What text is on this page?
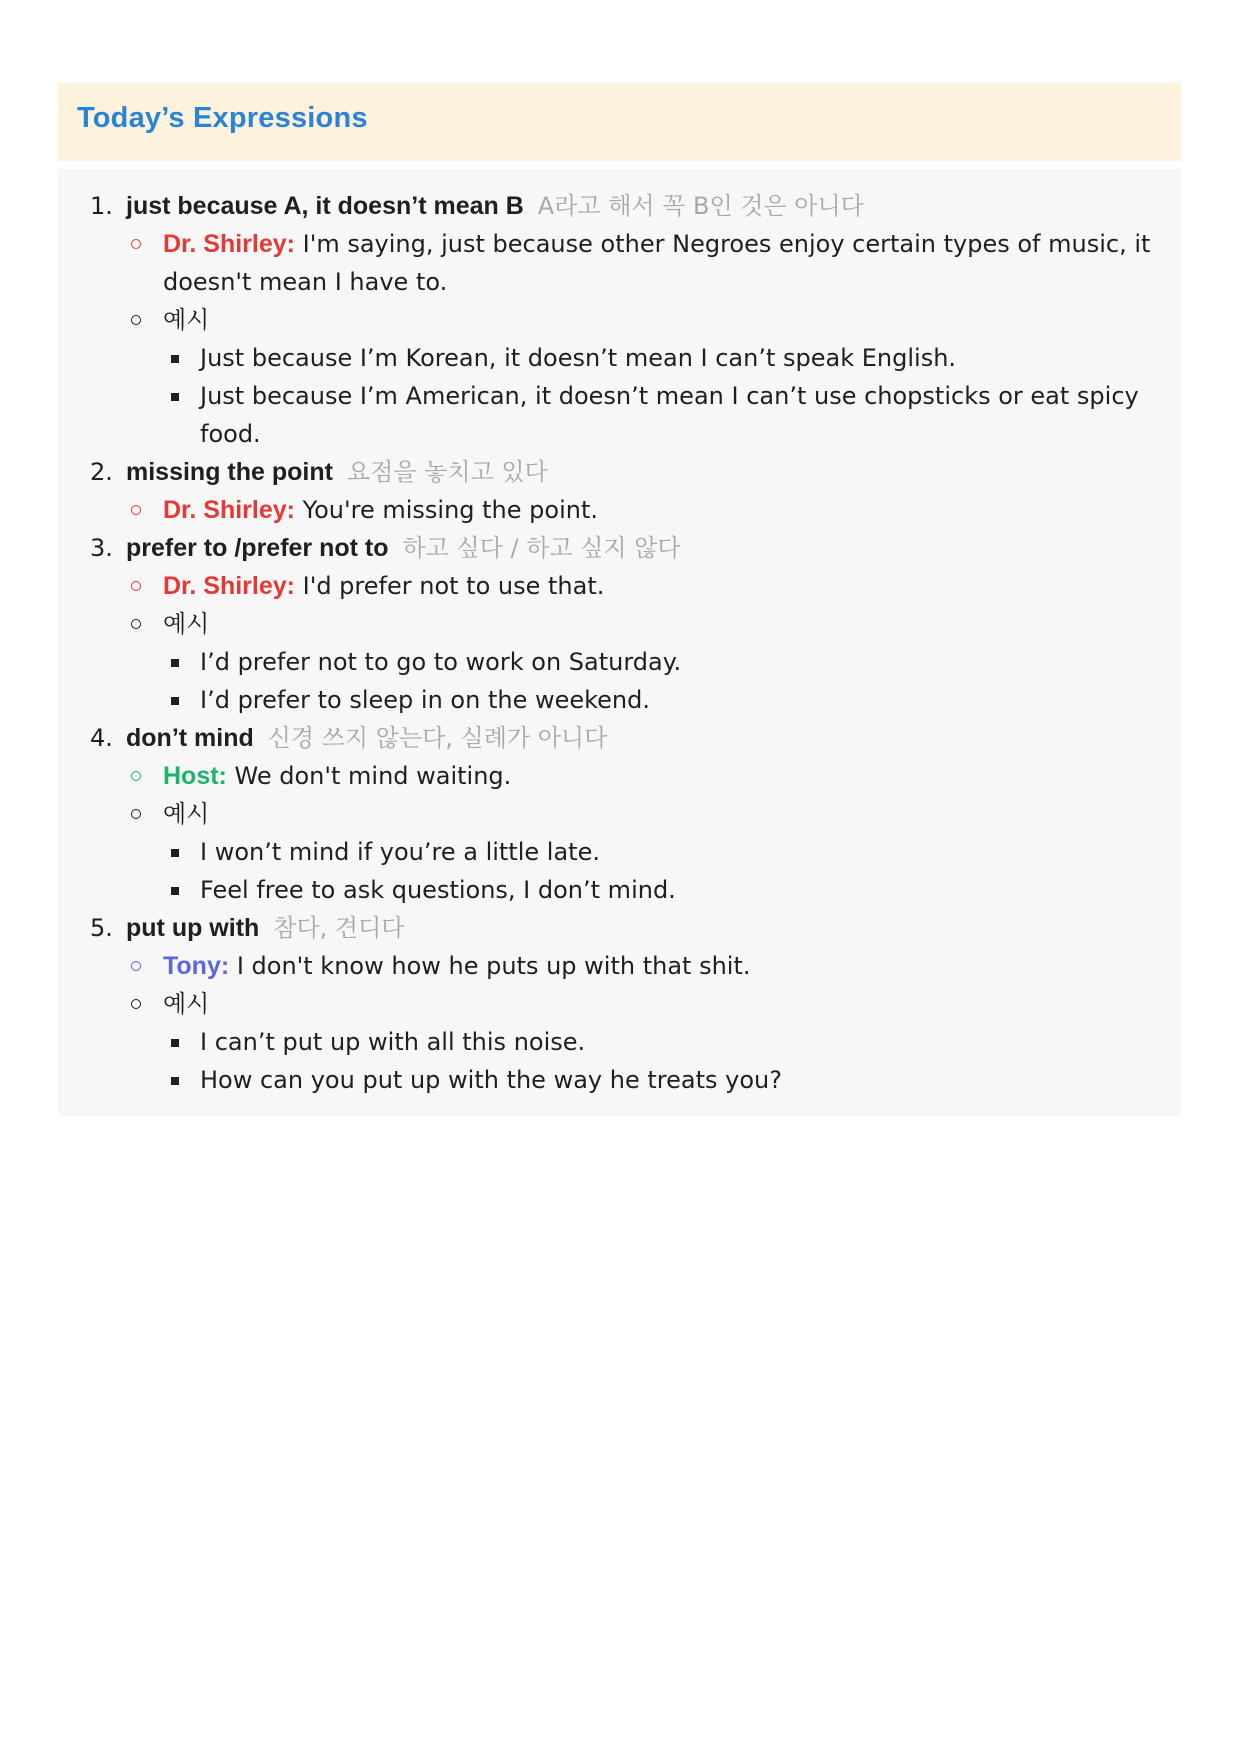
Today’s Expressions
1. just because A, it doesn’t mean B A라고 해서 꼭 B인 것은 아니다
Dr. Shirley: I'm saying, just because other Negroes enjoy certain types of music, it doesn't mean I have to.
예시
Just because I’m Korean, it doesn’t mean I can’t speak English.
Just because I’m American, it doesn’t mean I can’t use chopsticks or eat spicy food.
2. missing the point 요점을 놓치고 있다
Dr. Shirley: You're missing the point.
3. prefer to /prefer not to 하고 싶다 / 하고 싶지 않다
Dr. Shirley: I'd prefer not to use that.
예시
I’d prefer not to go to work on Saturday.
I’d prefer to sleep in on the weekend.
4. don’t mind 신경 쓰지 않는다, 실례가 아니다
Host: We don't mind waiting.
예시
I won’t mind if you’re a little late.
Feel free to ask questions, I don’t mind.
5. put up with 참다, 견디다
Tony: I don't know how he puts up with that shit.
예시
I can’t put up with all this noise.
How can you put up with the way he treats you?
